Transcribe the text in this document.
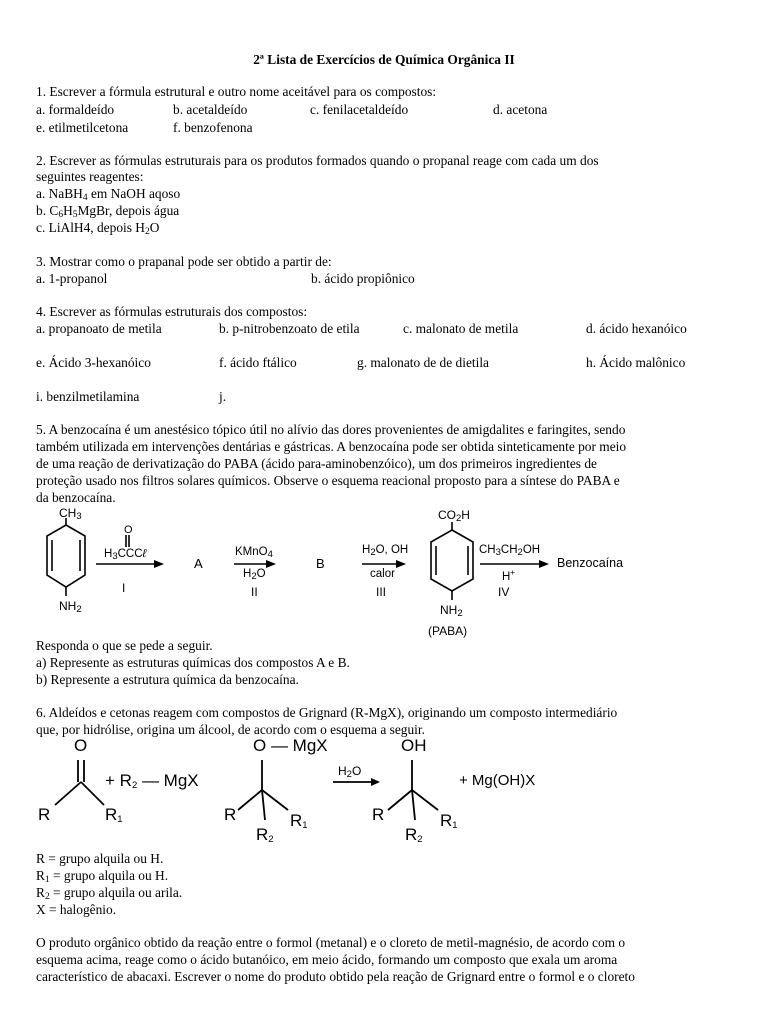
2ª Lista de Exercícios de Química Orgânica II
1. Escrever a fórmula estrutural e outro nome aceitável para os compostos:
a. formaldeído	b. acetaldeído	c. fenilacetaldeído	d. acetona
e. etilmetilcetona	f. benzofenona
2. Escrever as fórmulas estruturais para os produtos formados quando o propanal reage com cada um dos
seguintes reagentes:
a. NaBH$_4$ em NaOH aqoso
b. $C_6H_5MgBr$, depois água
c. LiAlH4, depois $H_2O$
3. Mostrar como o prapanal pode ser obtido a partir de:
a. 1-propanol	b. ácido propiônico
4. Escrever as fórmulas estruturais dos compostos:
a. propanoato de metila	b. p-nitrobenzoato de etila	c. malonato de metila	d. ácido hexanóico
e. Ácido 3-hexanóico	f. ácido ftálico	g. malonato de de dietila	h. Ácido malônico
i. benzilmetilamina	j.
5. A benzocaína é um anestésico tópico útil no alívio das dores provenientes de amigdalites e faringites, sendo
também utilizada em intervenções dentárias e gástricas. A benzocaína pode ser obtida sinteticamente por meio
de uma reação de derivatização do PABA (ácido para-aminobenzóico), um dos primeiros ingredientes de
proteção usado nos filtros solares químicos. Observe o esquema reacional proposto para a síntese do PABA e
da benzocaína.
$CH_3$
$NH_2$
O
$H_3CCC\ell$
I
A
KMnO$_4$
$H_2O$
II
B
$H_2O$, OH
calor
III
$CO_2H$
$NH_2$
(PABA)
$CH_3CH_2OH$
H+
IV
Benzocaína
Responda o que se pede a seguir.
a) Represente as estruturas químicas dos compostos A e B.
b) Represente a estrutura química da benzocaína.
6. Aldeídos e cetonas reagem com compostos de Grignard (R-MgX), originando um composto intermediário
que, por hidrólise, origina um álcool, de acordo com o esquema a seguir.
O
R	$R_1$
+ $R_2$ — MgX
O — MgX
R	$R_1$
$R_2$
$H_2O$
OH
R	$R_1$
$R_2$
+ Mg(OH)X
R = grupo alquila ou H.
$R_1$ = grupo alquila ou H.
$R_2$ = grupo alquila ou arila.
X = halogênio.
O produto orgânico obtido da reação entre o formol (metanal) e o cloreto de metil-magnésio, de acordo com o
esquema acima, reage como o ácido butanóico, em meio ácido, formando um composto que exala um aroma
característico de abacaxi. Escrever o nome do produto obtido pela reação de Grignard entre o formol e o cloreto
